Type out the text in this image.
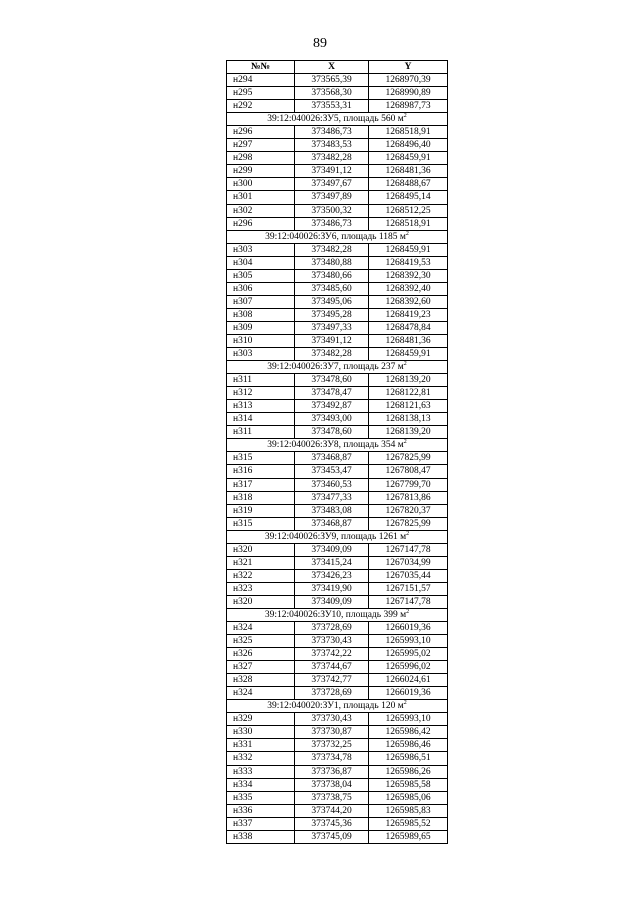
89
№№	X	Y
н294	373565,39	1268970,39
н295	373568,30	1268990,89
н292	373553,31	1268987,73
39:12:040026:ЗУ5, площадь 560 $м^2$
н296	373486,73	1268518,91
н297	373483,53	1268496,40
н298	373482,28	1268459,91
н299	373491,12	1268481,36
н300	373497,67	1268488,67
н301	373497,89	1268495,14
н302	373500,32	1268512,25
н296	373486,73	1268518,91
39:12:040026:ЗУ6, площадь 1185 $м^2$
н303	373482,28	1268459,91
н304	373480,88	1268419,53
н305	373480,66	1268392,30
н306	373485,60	1268392,40
н307	373495,06	1268392,60
н308	373495,28	1268419,23
н309	373497,33	1268478,84
н310	373491,12	1268481,36
н303	373482,28	1268459,91
39:12:040026:ЗУ7, площадь 237 $м^2$
н311	373478,60	1268139,20
н312	373478,47	1268122,81
н313	373492,87	1268121,63
н314	373493,00	1268138,13
н311	373478,60	1268139,20
39:12:040026:ЗУ8, площадь 354 $м^2$
н315	373468,87	1267825,99
н316	373453,47	1267808,47
н317	373460,53	1267799,70
н318	373477,33	1267813,86
н319	373483,08	1267820,37
н315	373468,87	1267825,99
39:12:040026:ЗУ9, площадь 1261 $м^2$
н320	373409,09	1267147,78
н321	373415,24	1267034,99
н322	373426,23	1267035,44
н323	373419,90	1267151,57
н320	373409,09	1267147,78
39:12:040026:ЗУ10, площадь 399 $м^2$
н324	373728,69	1266019,36
н325	373730,43	1265993,10
н326	373742,22	1265995,02
н327	373744,67	1265996,02
н328	373742,77	1266024,61
н324	373728,69	1266019,36
39:12:040020:ЗУ1, площадь 120 $м^2$
н329	373730,43	1265993,10
н330	373730,87	1265986,42
н331	373732,25	1265986,46
н332	373734,78	1265986,51
н333	373736,87	1265986,26
н334	373738,04	1265985,58
н335	373738,75	1265985,06
н336	373744,20	1265985,83
н337	373745,36	1265985,52
н338	373745,09	1265989,65
